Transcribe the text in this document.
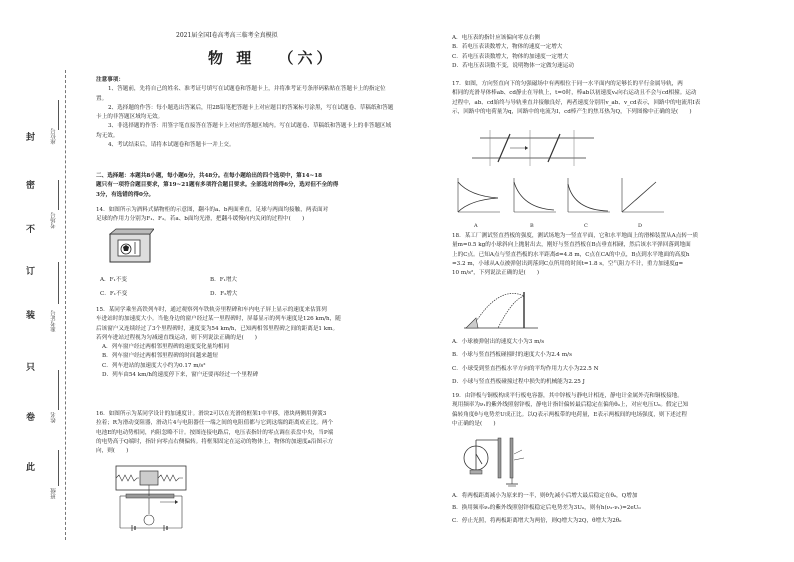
封
密
不
订
装
只
卷
此
座位号
考场号
准考证号
姓名
班级
2021届全国Ⅰ卷高考高三临考全真模拟
物 理 （六）

注意事项：

1、答题前，先将自己的姓名、准考证号填写在试题卷和答题卡上，并将准考证号条形码粘贴在答题卡上的指定位置。

2、选择题的作答：每小题选出答案后，用2B铅笔把答题卡上对应题目的答案标号涂黑，写在试题卷、草稿纸和答题卡上的非答题区域均无效。

3、非选择题的作答：用签字笔直接答在答题卡上对应的答题区域内。写在试题卷、草稿纸和答题卡上的非答题区域均无效。

4、考试结束后，请将本试题卷和答题卡一并上交。

二、选择题：本题共8小题，每小题6分，共48分。在每小题给出的四个选项中，第14~18

题只有一项符合题目要求，第19~21题有多项符合题目要求。全部选对的得6分，选对但不全的得

3分，有选错的得0分。

14．如图所示为酒料式储物柜的示意图，翻斗的a、b两面垂直，足球与两面均接触，两表面对

足球的作用力分别为F₁、F₂。若a、b面均光滑，把翻斗缓慢向内关闭的过程中(　　)

A．F₁不变	B．F₁增大
C．F₁不变	D．F₂增大

15．某同学乘坐高铁列车时，通过观察列车铁轨旁里程碑和车内电子屏上显示的速度来估算列

车进站时的加速度大小。当他身边的窗户经过某一里程碑时，屏幕显示的列车速度是126 km/h，随

后该窗户又连续经过了3个里程碑时，速度变为54 km/h，已知两相邻里程碑之间的距离是1 km。

若列车进站过程视为匀减速直线运动，则下列说法正确的是(　　)

A．列车窗户经过两相邻里程碑的速度变化量均相同

B．列车窗户经过两相邻里程碑的时间越来越短

C．列车进站的加速度大小约为0.17 m/s²

D．列车由54 km/h的速度停下来，窗户还要再经过一个里程碑

16．如图所示为某同学设计的加速度计。滑块2可以在光滑的框架1中平移，滑块两侧用弹簧3

拉着；R为滑动变阻器，滑动片4与电阻器任一端之间的电阻值都与它到这端的距离成正比。两个

电池E的电动势相同，内阻忽略不计。按图连接电路后，电压表指针的零点调在表盘中央，当P端

的电势高于Q端时，指针向零点右侧偏转。将框架固定在运动的物体上，物体的加速度a沿图示方

向，则(　　)

A．电压表的指针应该偏向零点右侧

B．若电压表读数增大，物体的速度一定增大

C．若电压表读数增大，物体的加速度一定增大

D．若电压表读数不变，说明物体一定做匀速运动

17．如图，方向竖直向下的匀强磁场中有两根位于同一水平面内的足够长的平行金属导轨，两

相同的光滑导体棒ab、cd静止在导轨上，t=0时，棒ab以初速度v₀向右运动且不会与cd相撞。运动

过程中，ab、cd始终与导轨垂直并接触良好，两者速度分别用v_ab、v_cd表示，回路中的电流用I表

示，回路中的电荷量为q，回路中的电流为I，cd棒产生的焦耳热为Q，下列图像中正确的是(　　)

A	B	C	D

18．某工厂测试竖直挡板的强度，测试场地为一竖直平面，它和水平地面上的滑梯装置从A点转一质

量m=0.5 kg的小球斜向上抛射出去，刚好与竖直挡板在B点垂直相碰，然后该水平弹回落到地面

上的C点。已知A点与竖直挡板的水平距离d=4.8 m，C点在CA的中点，B点到水平地面的高度h

=3.2 m，小球从A点被弹射出到落到C点所用的时间t=1.8 s，空气阻力不计，重力加速度g=

10 m/s²，下列说法正确的是(　　)

A．小球被弹射出的速度大小为3 m/s

B．小球与竖直挡板碰撞时的速度大小为2.4 m/s

C．小球受到竖直挡板水平方向的平均作用力大小为22.5 N

D．小球与竖直挡板碰撞过程中损失的机械能为2.25 J

19．由锌板与铜板构成平行板电容器，其中锌板与静电计相连，静电计金属外壳和铜板接地。

现用频率为ν₁的紫外线照射锌板，静电计指针偏转最后稳定在偏角θ₀上，对应电压U₀。假定已知

偏转角度θ与电势差U成正比。以Q表示两板带的电荷量，E表示两板间的电场强度，则下述过程

中正确的是(　　)

A．将两板距离减小为原来的一半，则θ先减小后增大最后稳定在θ₀，Q增加

B．换用频率ν₂的紫外线照射锌板稳定后电势差为3U₀，则有h(ν₂-ν₁)=2eU₀

C．停止光照，将两板距离增大为两倍，则Q增大为2Q，θ增大为2θ₀
